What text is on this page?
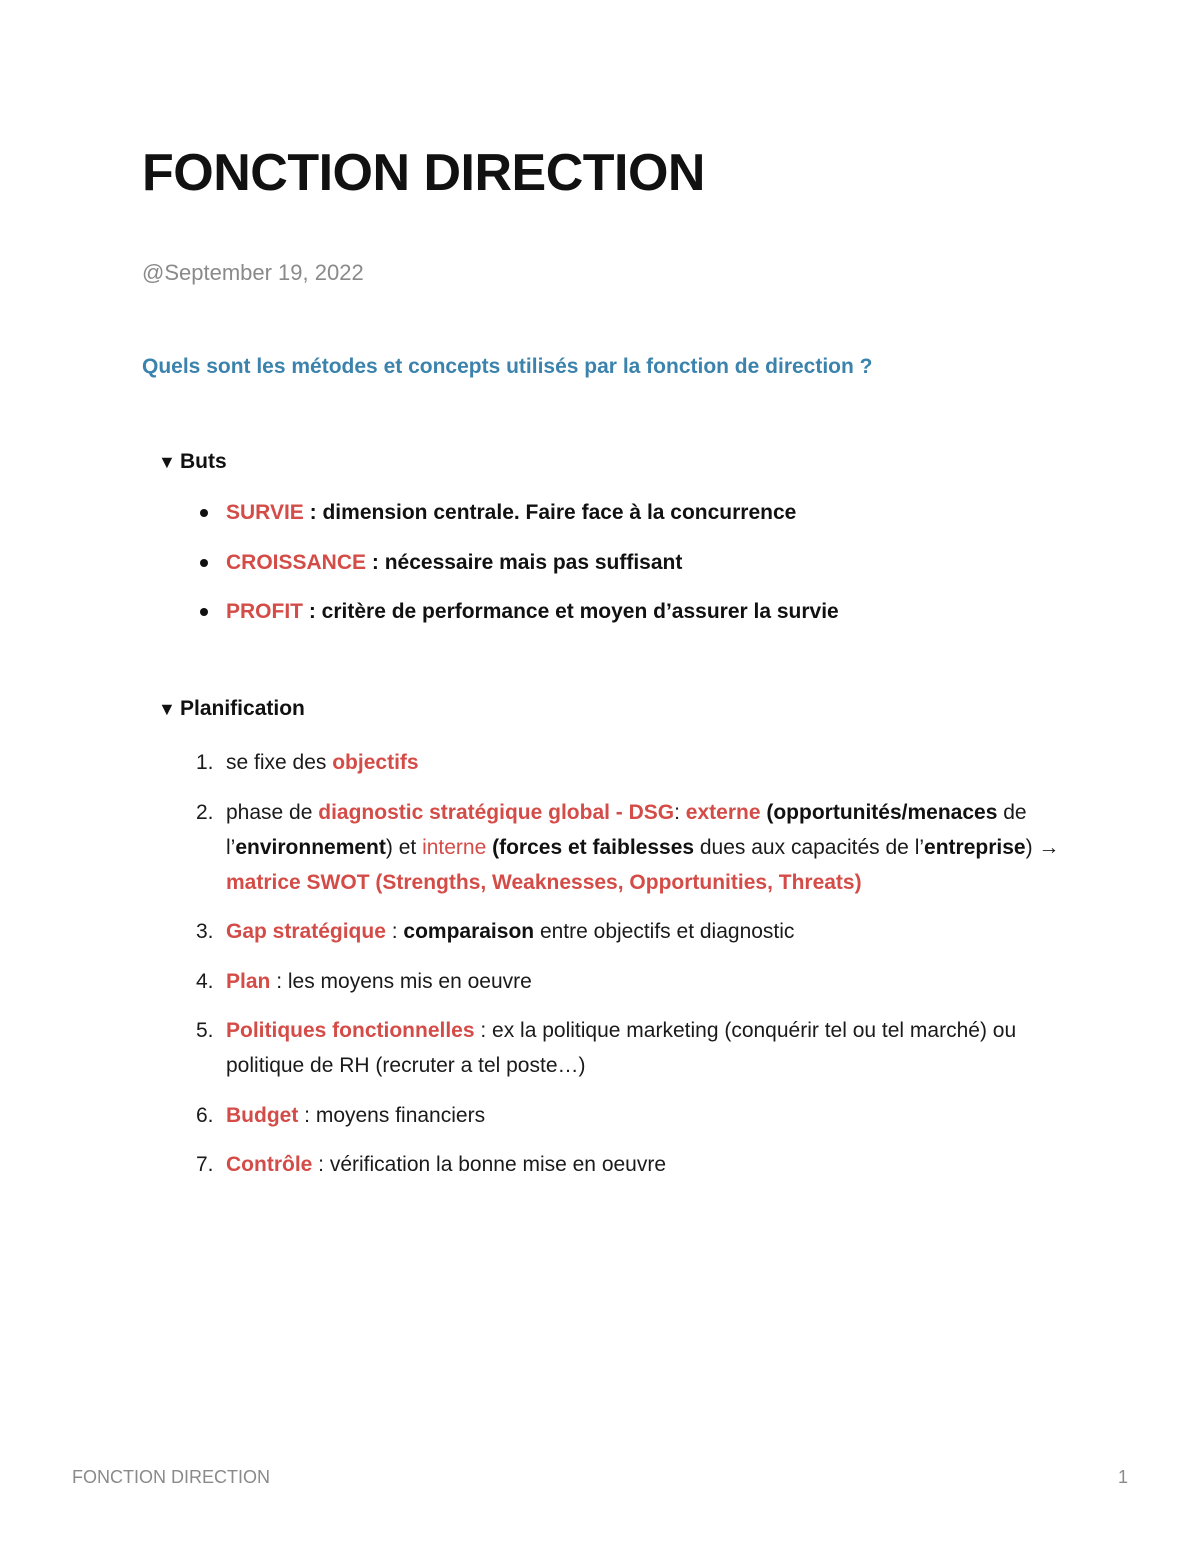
FONCTION DIRECTION
@September 19, 2022
Quels sont les métodes et concepts utilisés par la fonction de direction ?
▼ Buts
SURVIE : dimension centrale. Faire face à la concurrence
CROISSANCE : nécessaire mais pas suffisant
PROFIT : critère de performance et moyen d’assurer la survie
▼ Planification
1. se fixe des objectifs
2. phase de diagnostic stratégique global - DSG: externe (opportunités/menaces de l’environnement) et interne (forces et faiblesses dues aux capacités de l’entreprise) → matrice SWOT (Strengths, Weaknesses, Opportunities, Threats)
3. Gap stratégique : comparaison entre objectifs et diagnostic
4. Plan : les moyens mis en oeuvre
5. Politiques fonctionnelles : ex la politique marketing (conquérir tel ou tel marché) ou politique de RH (recruter a tel poste…)
6. Budget : moyens financiers
7. Contrôle : vérification la bonne mise en oeuvre
FONCTION DIRECTION	1
